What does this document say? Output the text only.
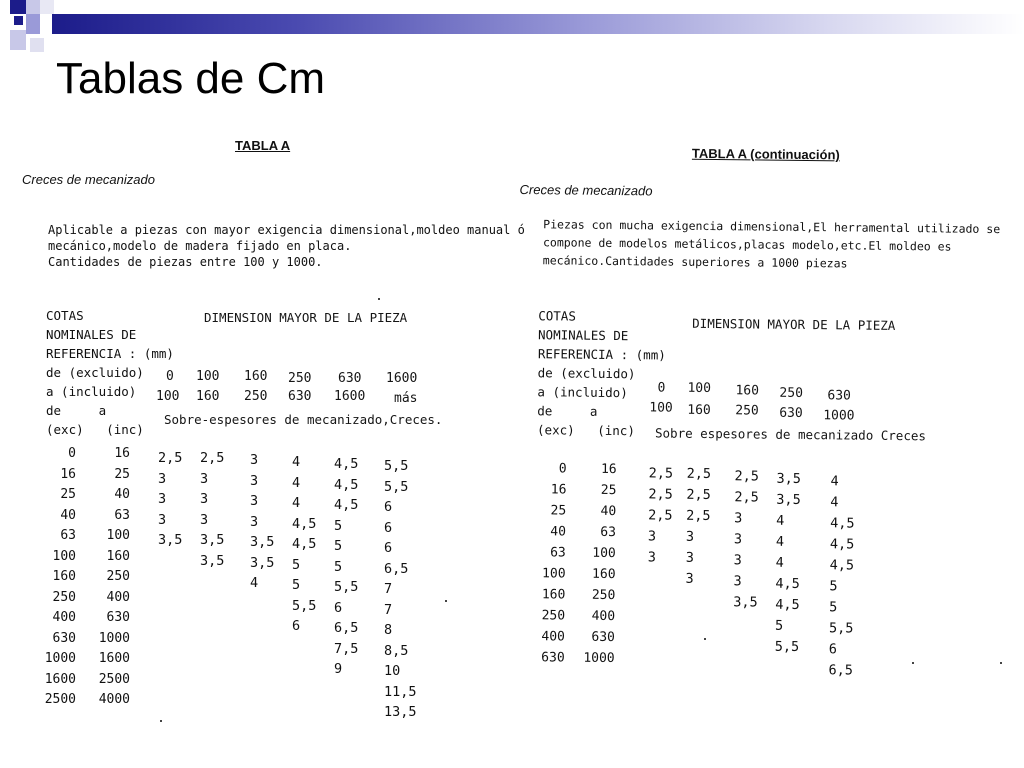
Tablas de Cm
TABLA A
Creces de mecanizado
Aplicable a piezas con mayor exigencia dimensional,moldeo manual ó
mecánico,modelo de madera fijado en placa.
Cantidades de piezas entre 100 y 1000.
COTAS
NOMINALES DE
REFERENCIA : (mm)
de (excluido)
a (incluido)
de     a
(exc)   (inc)
DIMENSION MAYOR DE LA PIEZA
0 100 160 250 630 1600
100 160 250 630 1600 más
Sobre-espesores de mecanizado,Creces.
0
16
25
40
63
100
160
250
400
630
1000
1600
2500
16
25
40
63
100
160
250
400
630
1000
1600
2500
4000
2,5
3
3
3
3,5
2,5
3
3
3
3,5
3,5
3
3
3
3
3,5
3,5
4
4
4
4
4,5
4,5
5
5
5,5
6
4,5
4,5
4,5
5
5
5
5,5
6
6,5
7,5
9
5,5
5,5
6
6
6
6,5
7
7
8
8,5
10
11,5
13,5
TABLA A (continuación)
Creces de mecanizado
Piezas con mucha exigencia dimensional,El herramental utilizado se
compone de modelos metálicos,placas modelo,etc.El moldeo es
mecánico.Cantidades superiores a 1000 piezas
COTAS
NOMINALES DE
REFERENCIA : (mm)
de (excluido)
a (incluido)
de     a
(exc)   (inc)
DIMENSION MAYOR DE LA PIEZA
0 100 160 250 630
100 160 250 630 1000
Sobre espesores de mecanizado Creces
0
16
25
40
63
100
160
250
400
630
16
25
40
63
100
160
250
400
630
1000
2,5
2,5
2,5
3
3
2,5
2,5
2,5
3
3
3
2,5
2,5
3
3
3
3
3,5
3,5
3,5
4
4
4
4,5
4,5
5
5,5
4
4
4,5
4,5
4,5
5
5
5,5
6
6,5
